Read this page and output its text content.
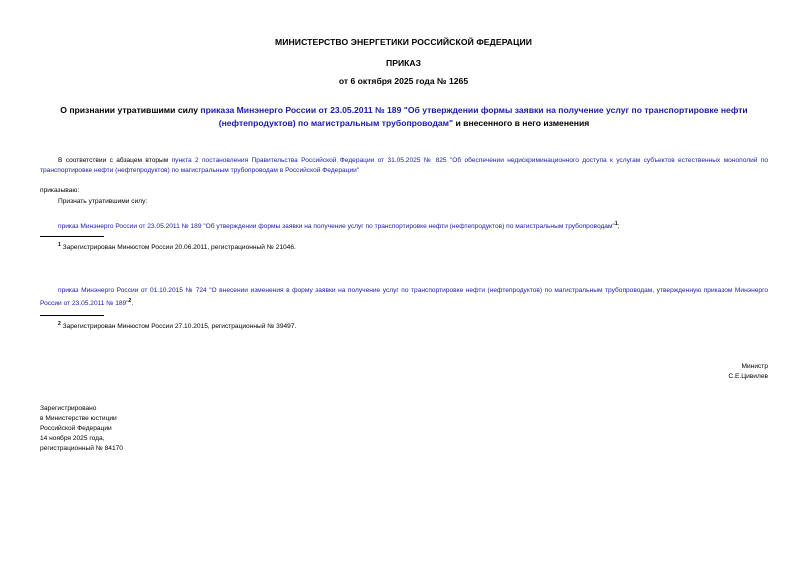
МИНИСТЕРСТВО ЭНЕРГЕТИКИ РОССИЙСКОЙ ФЕДЕРАЦИИ
ПРИКАЗ
от 6 октября 2025 года № 1265
О признании утратившими силу приказа Минэнерго России от 23.05.2011 № 189 "Об утверждении формы заявки на получение услуг по транспортировке нефти (нефтепродуктов) по магистральным трубопроводам" и внесенного в него изменения
В соответствии с абзацем вторым пункта 2 постановления Правительства Российской Федерации от 31.05.2025 № 825 "Об обеспечении недискриминационного доступа к услугам субъектов естественных монополий по транспортировке нефти (нефтепродуктов) по магистральным трубопроводам в Российской Федерации"
приказываю:
Признать утратившими силу:
приказ Минэнерго России от 23.05.2011 № 189 "Об утверждении формы заявки на получение услуг по транспортировке нефти (нефтепродуктов) по магистральным трубопроводам"$^1$;
$^1$ Зарегистрирован Минюстом России 20.06.2011, регистрационный № 21046.
приказ Минэнерго России от 01.10.2015 № 724 "О внесении изменения в форму заявки на получение услуг по транспортировке нефти (нефтепродуктов) по магистральным трубопроводам, утвержденную приказом Минэнерго России от 23.05.2011 № 189"$^2$.
$^2$ Зарегистрирован Минюстом России 27.10.2015, регистрационный № 39497.
Министр
С.Е.Цивилев
Зарегистрировано
в Министерстве юстиции
Российской Федерации
14 ноября 2025 года,
регистрационный № 84170
